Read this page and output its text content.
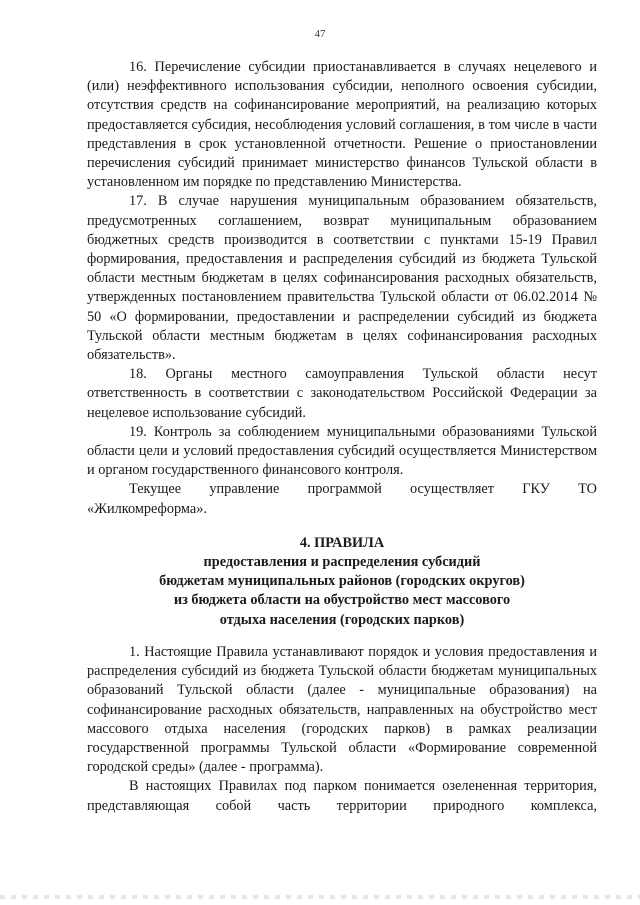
47

16. Перечисление субсидии приостанавливается в случаях нецелевого и (или) неэффективного использования субсидии, неполного освоения субсидии, отсутствия средств на софинансирование мероприятий, на реализацию которых предоставляется субсидия, несоблюдения условий соглашения, в том числе в части представления в срок установленной отчетности. Решение о приостановлении перечисления субсидий принимает министерство финансов Тульской области в установленном им порядке по представлению Министерства.

17. В случае нарушения муниципальным образованием обязательств, предусмотренных соглашением, возврат муниципальным образованием бюджетных средств производится в соответствии с пунктами 15-19 Правил формирования, предоставления и распределения субсидий из бюджета Тульской области местным бюджетам в целях софинансирования расходных обязательств, утвержденных постановлением правительства Тульской области от 06.02.2014 № 50 «О формировании, предоставлении и распределении субсидий из бюджета Тульской области местным бюджетам в целях софинансирования расходных обязательств».

18. Органы местного самоуправления Тульской области несут ответственность в соответствии с законодательством Российской Федерации за нецелевое использование субсидий.

19. Контроль за соблюдением муниципальными образованиями Тульской области цели и условий предоставления субсидий осуществляется Министерством и органом государственного финансового контроля.

Текущее управление программой осуществляет ГКУ ТО «Жилкомреформа».

4. ПРАВИЛА

предоставления и распределения субсидий

бюджетам муниципальных районов (городских округов)

из бюджета области на обустройство мест массового

отдыха населения (городских парков)

1. Настоящие Правила устанавливают порядок и условия предоставления и распределения субсидий из бюджета Тульской области бюджетам муниципальных образований Тульской области (далее - муниципальные образования) на софинансирование расходных обязательств, направленных на обустройство мест массового отдыха населения (городских парков) в рамках реализации государственной программы Тульской области «Формирование современной городской среды» (далее - программа).

В настоящих Правилах под парком понимается озелененная территория, представляющая собой часть территории природного комплекса,
